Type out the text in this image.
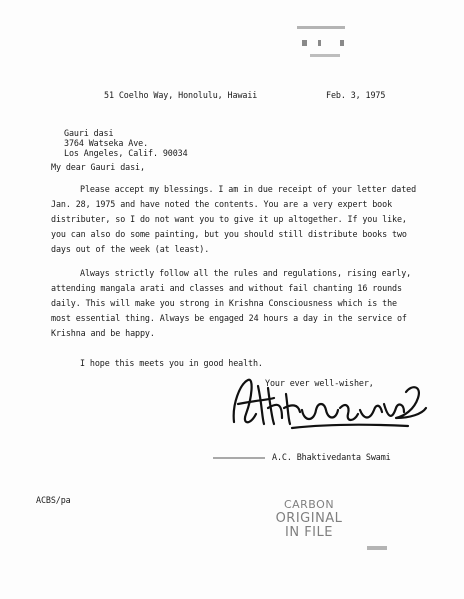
51 Coelho Way, Honolulu, Hawaii	Feb. 3, 1975
Gauri dasi
3764 Watseka Ave.
Los Angeles, Calif. 90034
My dear Gauri dasi,
Please accept my blessings. I am in due receipt of your letter dated
Jan. 28, 1975 and have noted the contents. You are a very expert book
distributer, so I do not want you to give it up altogether. If you like,
you can also do some painting, but you should still distribute books two
days out of the week (at least).
Always strictly follow all the rules and regulations, rising early,
attending mangala arati and classes and without fail chanting 16 rounds
daily. This will make you strong in Krishna Consciousness which is the
most essential thing. Always be engaged 24 hours a day in the service of
Krishna and be happy.
I hope this meets you in good health.
Your ever well-wisher,
A.C. Bhaktivedanta Swami
ACBS/pa	CARBON
ORIGINAL
IN FILE
